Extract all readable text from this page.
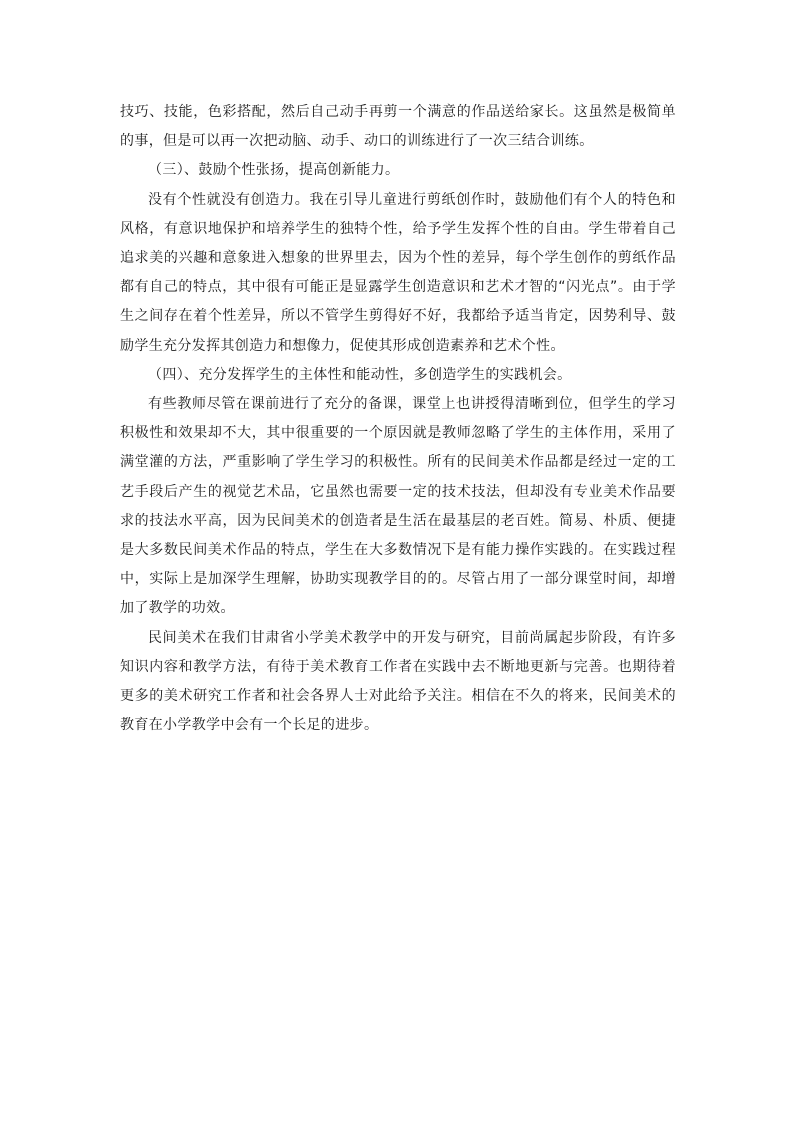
技巧、技能，色彩搭配，然后自己动手再剪一个满意的作品送给家长。这虽然是极简单的事，但是可以再一次把动脑、动手、动口的训练进行了一次三结合训练。

（三）、鼓励个性张扬，提高创新能力。

没有个性就没有创造力。我在引导儿童进行剪纸创作时，鼓励他们有个人的特色和风格，有意识地保护和培养学生的独特个性，给予学生发挥个性的自由。学生带着自己追求美的兴趣和意象进入想象的世界里去，因为个性的差异，每个学生创作的剪纸作品都有自己的特点，其中很有可能正是显露学生创造意识和艺术才智的“闪光点”。由于学生之间存在着个性差异，所以不管学生剪得好不好，我都给予适当肯定，因势利导、鼓励学生充分发挥其创造力和想像力，促使其形成创造素养和艺术个性。

（四）、充分发挥学生的主体性和能动性，多创造学生的实践机会。

有些教师尽管在课前进行了充分的备课，课堂上也讲授得清晰到位，但学生的学习积极性和效果却不大，其中很重要的一个原因就是教师忽略了学生的主体作用，采用了满堂灌的方法，严重影响了学生学习的积极性。所有的民间美术作品都是经过一定的工艺手段后产生的视觉艺术品，它虽然也需要一定的技术技法，但却没有专业美术作品要求的技法水平高，因为民间美术的创造者是生活在最基层的老百姓。简易、朴质、便捷是大多数民间美术作品的特点，学生在大多数情况下是有能力操作实践的。在实践过程中，实际上是加深学生理解，协助实现教学目的的。尽管占用了一部分课堂时间，却增加了教学的功效。

民间美术在我们甘肃省小学美术教学中的开发与研究，目前尚属起步阶段，有许多知识内容和教学方法，有待于美术教育工作者在实践中去不断地更新与完善。也期待着更多的美术研究工作者和社会各界人士对此给予关注。相信在不久的将来，民间美术的教育在小学教学中会有一个长足的进步。
